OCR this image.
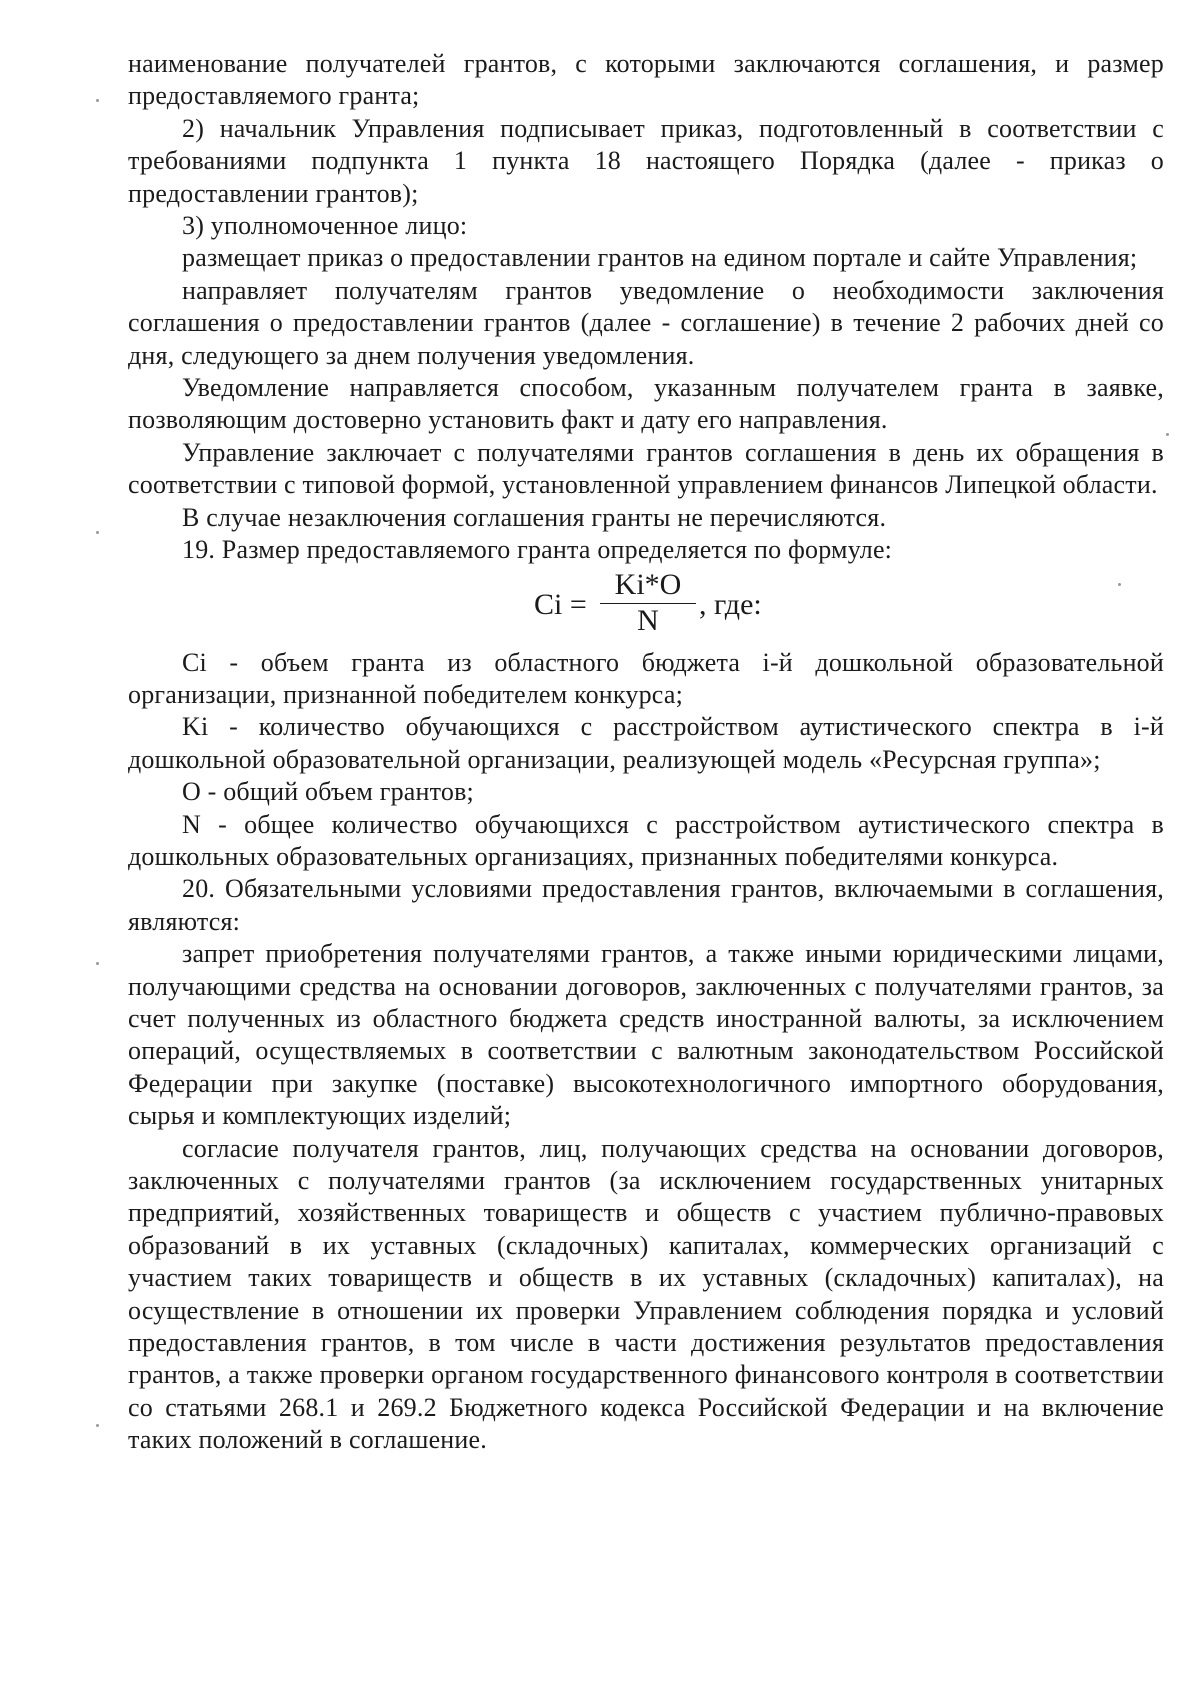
наименование получателей грантов, с которыми заключаются соглашения, и размер предоставляемого гранта;

2) начальник Управления подписывает приказ, подготовленный в соответствии с требованиями подпункта 1 пункта 18 настоящего Порядка (далее - приказ о предоставлении грантов);

3) уполномоченное лицо:

размещает приказ о предоставлении грантов на едином портале и сайте Управления;

направляет получателям грантов уведомление о необходимости заключения соглашения о предоставлении грантов (далее - соглашение) в течение 2 рабочих дней со дня, следующего за днем получения уведомления.

Уведомление направляется способом, указанным получателем гранта в заявке, позволяющим достоверно установить факт и дату его направления.

Управление заключает с получателями грантов соглашения в день их обращения в соответствии с типовой формой, установленной управлением финансов Липецкой области.

В случае незаключения соглашения гранты не перечисляются.

19. Размер предоставляемого гранта определяется по формуле:

Ci =
Ki*O
N	, где:

Ci - объем гранта из областного бюджета i-й дошкольной образовательной организации, признанной победителем конкурса;

Ki - количество обучающихся с расстройством аутистического спектра в i-й дошкольной образовательной организации, реализующей модель «Ресурсная группа»;

О - общий объем грантов;

N - общее количество обучающихся с расстройством аутистического спектра в дошкольных образовательных организациях, признанных победителями конкурса.

20. Обязательными условиями предоставления грантов, включаемыми в соглашения, являются:

запрет приобретения получателями грантов, а также иными юридическими лицами, получающими средства на основании договоров, заключенных с получателями грантов, за счет полученных из областного бюджета средств иностранной валюты, за исключением операций, осуществляемых в соответствии с валютным законодательством Российской Федерации при закупке (поставке) высокотехнологичного импортного оборудования, сырья и комплектующих изделий;

согласие получателя грантов, лиц, получающих средства на основании договоров, заключенных с получателями грантов (за исключением государственных унитарных предприятий, хозяйственных товариществ и обществ с участием публично-правовых образований в их уставных (складочных) капиталах, коммерческих организаций с участием таких товариществ и обществ в их уставных (складочных) капиталах), на осуществление в отношении их проверки Управлением соблюдения порядка и условий предоставления грантов, в том числе в части достижения результатов предоставления грантов, а также проверки органом государственного финансового контроля в соответствии со статьями 268.1 и 269.2 Бюджетного кодекса Российской Федерации и на включение таких положений в соглашение.
